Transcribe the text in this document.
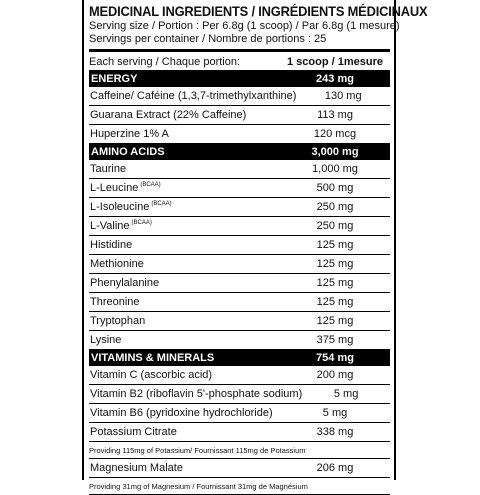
MEDICINAL INGREDIENTS / INGRÉDIENTS MÉDICINAUX
Serving size / Portion : Per 6.8g (1 scoop) / Par 6.8g (1 mesure)
Servings per container / Nombre de portions : 25
Each serving / Chaque portion:	1 scoop / 1mesure
ENERGY	243 mg
Caffeine/ Caféine (1,3,7-trimethylxanthine)	130 mg
Guarana Extract (22% Caffeine)	113 mg
Huperzine 1% A	120 mcg
AMINO ACIDS	3,000 mg
Taurine	1,000 mg
L-Leucine $^{(BCAA)}$	500 mg
L-Isoleucine $^{(BCAA)}$	250 mg
L-Valine $^{(BCAA)}$	250 mg
Histidine	125 mg
Methionine	125 mg
Phenylalanine	125 mg
Threonine	125 mg
Tryptophan	125 mg
Lysine	375 mg
VITAMINS & MINERALS	754 mg
Vitamin C (ascorbic acid)	200 mg
Vitamin B2 (riboflavin 5'-phosphate sodium)	5 mg
Vitamin B6 (pyridoxine hydrochloride)	5 mg
Potassium Citrate	338 mg
Providing 115mg of Potassium/ Fournissant 115mg de Potassium
Magnesium Malate	206 mg
Providing 31mg of Magnesium / Fournissant 31mg de Magnésium
